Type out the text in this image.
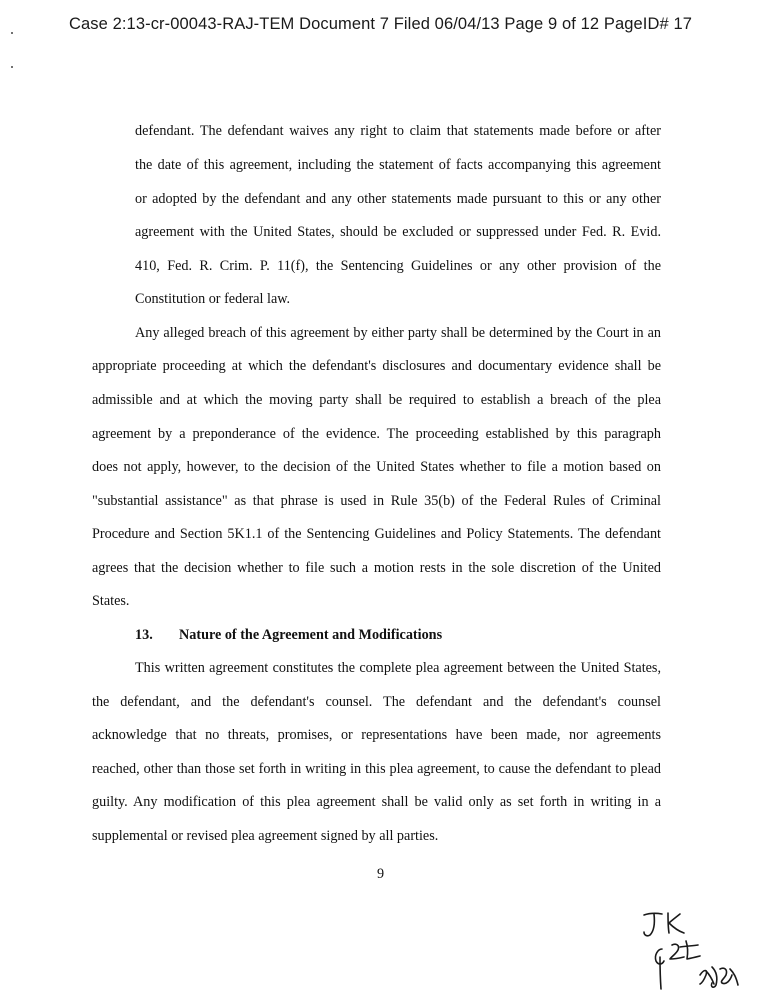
Case 2:13-cr-00043-RAJ-TEM Document 7 Filed 06/04/13 Page 9 of 12 PageID# 17
defendant. The defendant waives any right to claim that statements made before or after
the date of this agreement, including the statement of facts accompanying this agreement
or adopted by the defendant and any other statements made pursuant to this or any other
agreement with the United States, should be excluded or suppressed under Fed. R. Evid.
410, Fed. R. Crim. P. 11(f), the Sentencing Guidelines or any other provision of the
Constitution or federal law.
Any alleged breach of this agreement by either party shall be determined by the Court in an
appropriate proceeding at which the defendant's disclosures and documentary evidence shall be
admissible and at which the moving party shall be required to establish a breach of the plea
agreement by a preponderance of the evidence. The proceeding established by this paragraph
does not apply, however, to the decision of the United States whether to file a motion based on
"substantial assistance" as that phrase is used in Rule 35(b) of the Federal Rules of Criminal
Procedure and Section 5K1.1 of the Sentencing Guidelines and Policy Statements. The defendant
agrees that the decision whether to file such a motion rests in the sole discretion of the United
States.
13. Nature of the Agreement and Modifications
This written agreement constitutes the complete plea agreement between the United States,
the defendant, and the defendant's counsel. The defendant and the defendant's counsel
acknowledge that no threats, promises, or representations have been made, nor agreements
reached, other than those set forth in writing in this plea agreement, to cause the defendant to plead
guilty. Any modification of this plea agreement shall be valid only as set forth in writing in a
supplemental or revised plea agreement signed by all parties.
9
